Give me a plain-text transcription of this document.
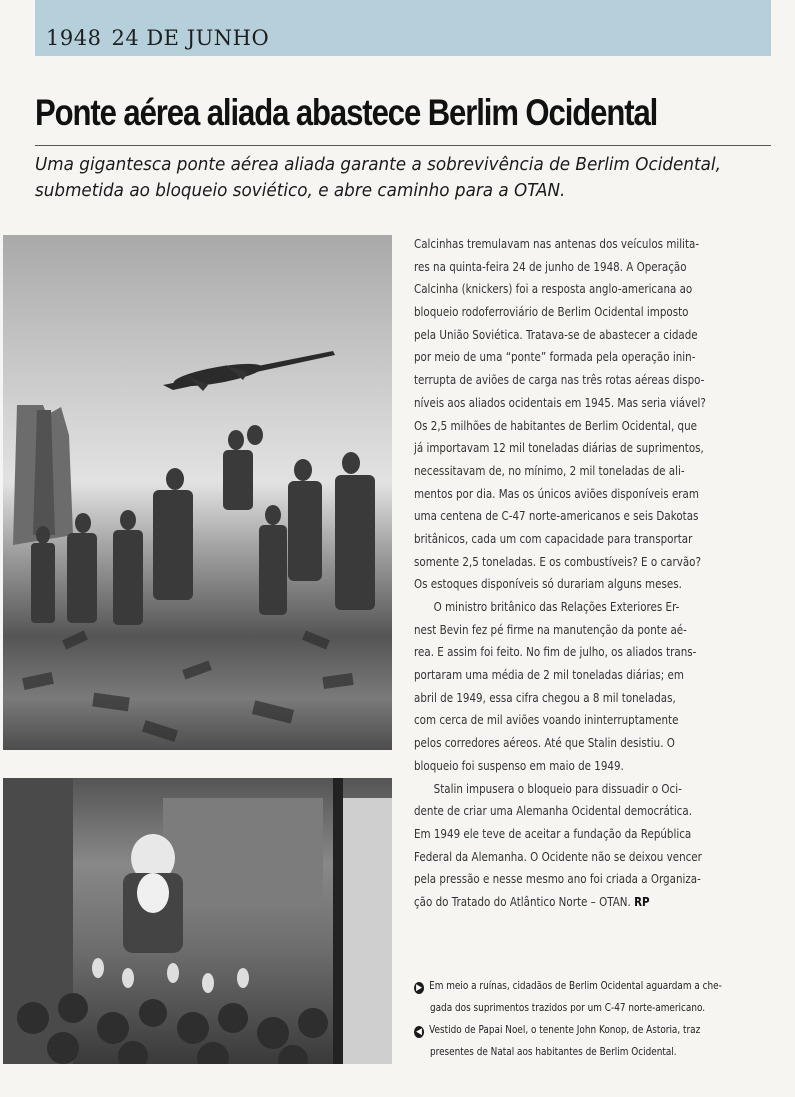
1948 24 DE JUNHO
Ponte aérea aliada abastece Berlim Ocidental
Uma gigantesca ponte aérea aliada garante a sobrevivência de Berlim Ocidental,
submetida ao bloqueio soviético, e abre caminho para a OTAN.
Calcinhas tremulavam nas antenas dos veículos milita-
res na quinta-feira 24 de junho de 1948. A Operação
Calcinha (knickers) foi a resposta anglo-americana ao
bloqueio rodoferroviário de Berlim Ocidental imposto
pela União Soviética. Tratava-se de abastecer a cidade
por meio de uma “ponte” formada pela operação inin-
terrupta de aviões de carga nas três rotas aéreas dispo-
níveis aos aliados ocidentais em 1945. Mas seria viável?
Os 2,5 milhões de habitantes de Berlim Ocidental, que
já importavam 12 mil toneladas diárias de suprimentos,
necessitavam de, no mínimo, 2 mil toneladas de ali-
mentos por dia. Mas os únicos aviões disponíveis eram
uma centena de C-47 norte-americanos e seis Dakotas
britânicos, cada um com capacidade para transportar
somente 2,5 toneladas. E os combustíveis? E o carvão?
Os estoques disponíveis só durariam alguns meses.
O ministro britânico das Relações Exteriores Er-
nest Bevin fez pé firme na manutenção da ponte aé-
rea. E assim foi feito. No fim de julho, os aliados trans-
portaram uma média de 2 mil toneladas diárias; em
abril de 1949, essa cifra chegou a 8 mil toneladas,
com cerca de mil aviões voando ininterruptamente
pelos corredores aéreos. Até que Stalin desistiu. O
bloqueio foi suspenso em maio de 1949.
Stalin impusera o bloqueio para dissuadir o Oci-
dente de criar uma Alemanha Ocidental democrática.
Em 1949 ele teve de aceitar a fundação da República
Federal da Alemanha. O Ocidente não se deixou vencer
pela pressão e nesse mesmo ano foi criada a Organiza-
ção do Tratado do Atlântico Norte – OTAN. RP
▶ Em meio a ruínas, cidadãos de Berlim Ocidental aguardam a che-
gada dos suprimentos trazidos por um C-47 norte-americano.
◀ Vestido de Papai Noel, o tenente John Konop, de Astoria, traz
presentes de Natal aos habitantes de Berlim Ocidental.
